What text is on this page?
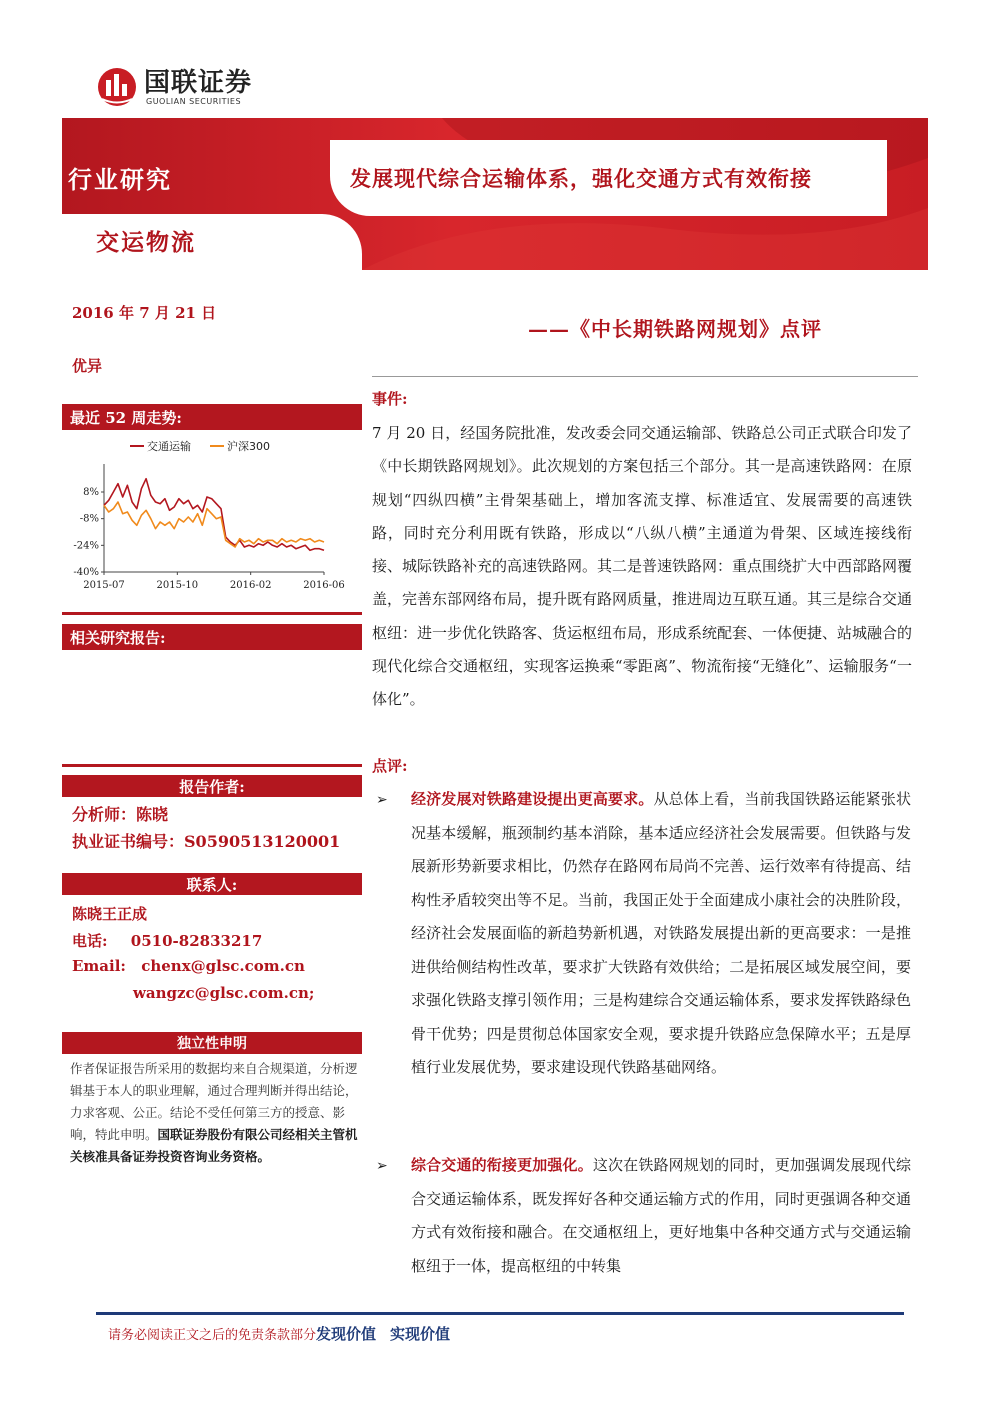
国联证券
GUOLIAN SECURITIES
发展现代综合运输体系，强化交通方式有效衔接
行业研究
交运物流
2016 年 7 月 21 日
优异
最近 52 周走势:
8%
-8%
-24%
-40%
2015-07	2015-10	2016-02	2016-06
交通运输	沪深300
相关研究报告:
报告作者:
分析师：陈晓
执业证书编号：S0590513120001
联系人:
陈晓王正成
电话: 0510-82833217
Email: chenx@glsc.com.cn
wangzc@glsc.com.cn;
独立性申明
作者保证报告所采用的数据均来自合规渠道，分析逻辑基于本人的职业理解，通过合理判断并得出结论，力求客观、公正。结论不受任何第三方的授意、影响，特此申明。国联证券股份有限公司经相关主管机关核准具备证券投资咨询业务资格。
——《中长期铁路网规划》点评
事件:
7 月 20 日，经国务院批准，发改委会同交通运输部、铁路总公司正式联合印发了《中长期铁路网规划》。此次规划的方案包括三个部分。其一是高速铁路网：在原规划“四纵四横”主骨架基础上，增加客流支撑、标准适宜、发展需要的高速铁路，同时充分利用既有铁路，形成以“八纵八横”主通道为骨架、区域连接线衔接、城际铁路补充的高速铁路网。其二是普速铁路网：重点围绕扩大中西部路网覆盖，完善东部网络布局，提升既有路网质量，推进周边互联互通。其三是综合交通枢纽：进一步优化铁路客、货运枢纽布局，形成系统配套、一体便捷、站城融合的现代化综合交通枢纽，实现客运换乘“零距离”、物流衔接“无缝化”、运输服务“一体化”。
点评:
➢ 经济发展对铁路建设提出更高要求。从总体上看，当前我国铁路运能紧张状况基本缓解，瓶颈制约基本消除，基本适应经济社会发展需要。但铁路与发展新形势新要求相比，仍然存在路网布局尚不完善、运行效率有待提高、结构性矛盾较突出等不足。当前，我国正处于全面建成小康社会的决胜阶段，经济社会发展面临的新趋势新机遇，对铁路发展提出新的更高要求：一是推进供给侧结构性改革，要求扩大铁路有效供给；二是拓展区域发展空间，要求强化铁路支撑引领作用；三是构建综合交通运输体系，要求发挥铁路绿色骨干优势；四是贯彻总体国家安全观，要求提升铁路应急保障水平；五是厚植行业发展优势，要求建设现代铁路基础网络。
➢ 综合交通的衔接更加强化。这次在铁路网规划的同时，更加强调发展现代综合交通运输体系，既发挥好各种交通运输方式的作用，同时更强调各种交通方式有效衔接和融合。在交通枢纽上，更好地集中各种交通方式与交通运输枢纽于一体，提高枢纽的中转集
请务必阅读正文之后的免责条款部分发现价值 实现价值
